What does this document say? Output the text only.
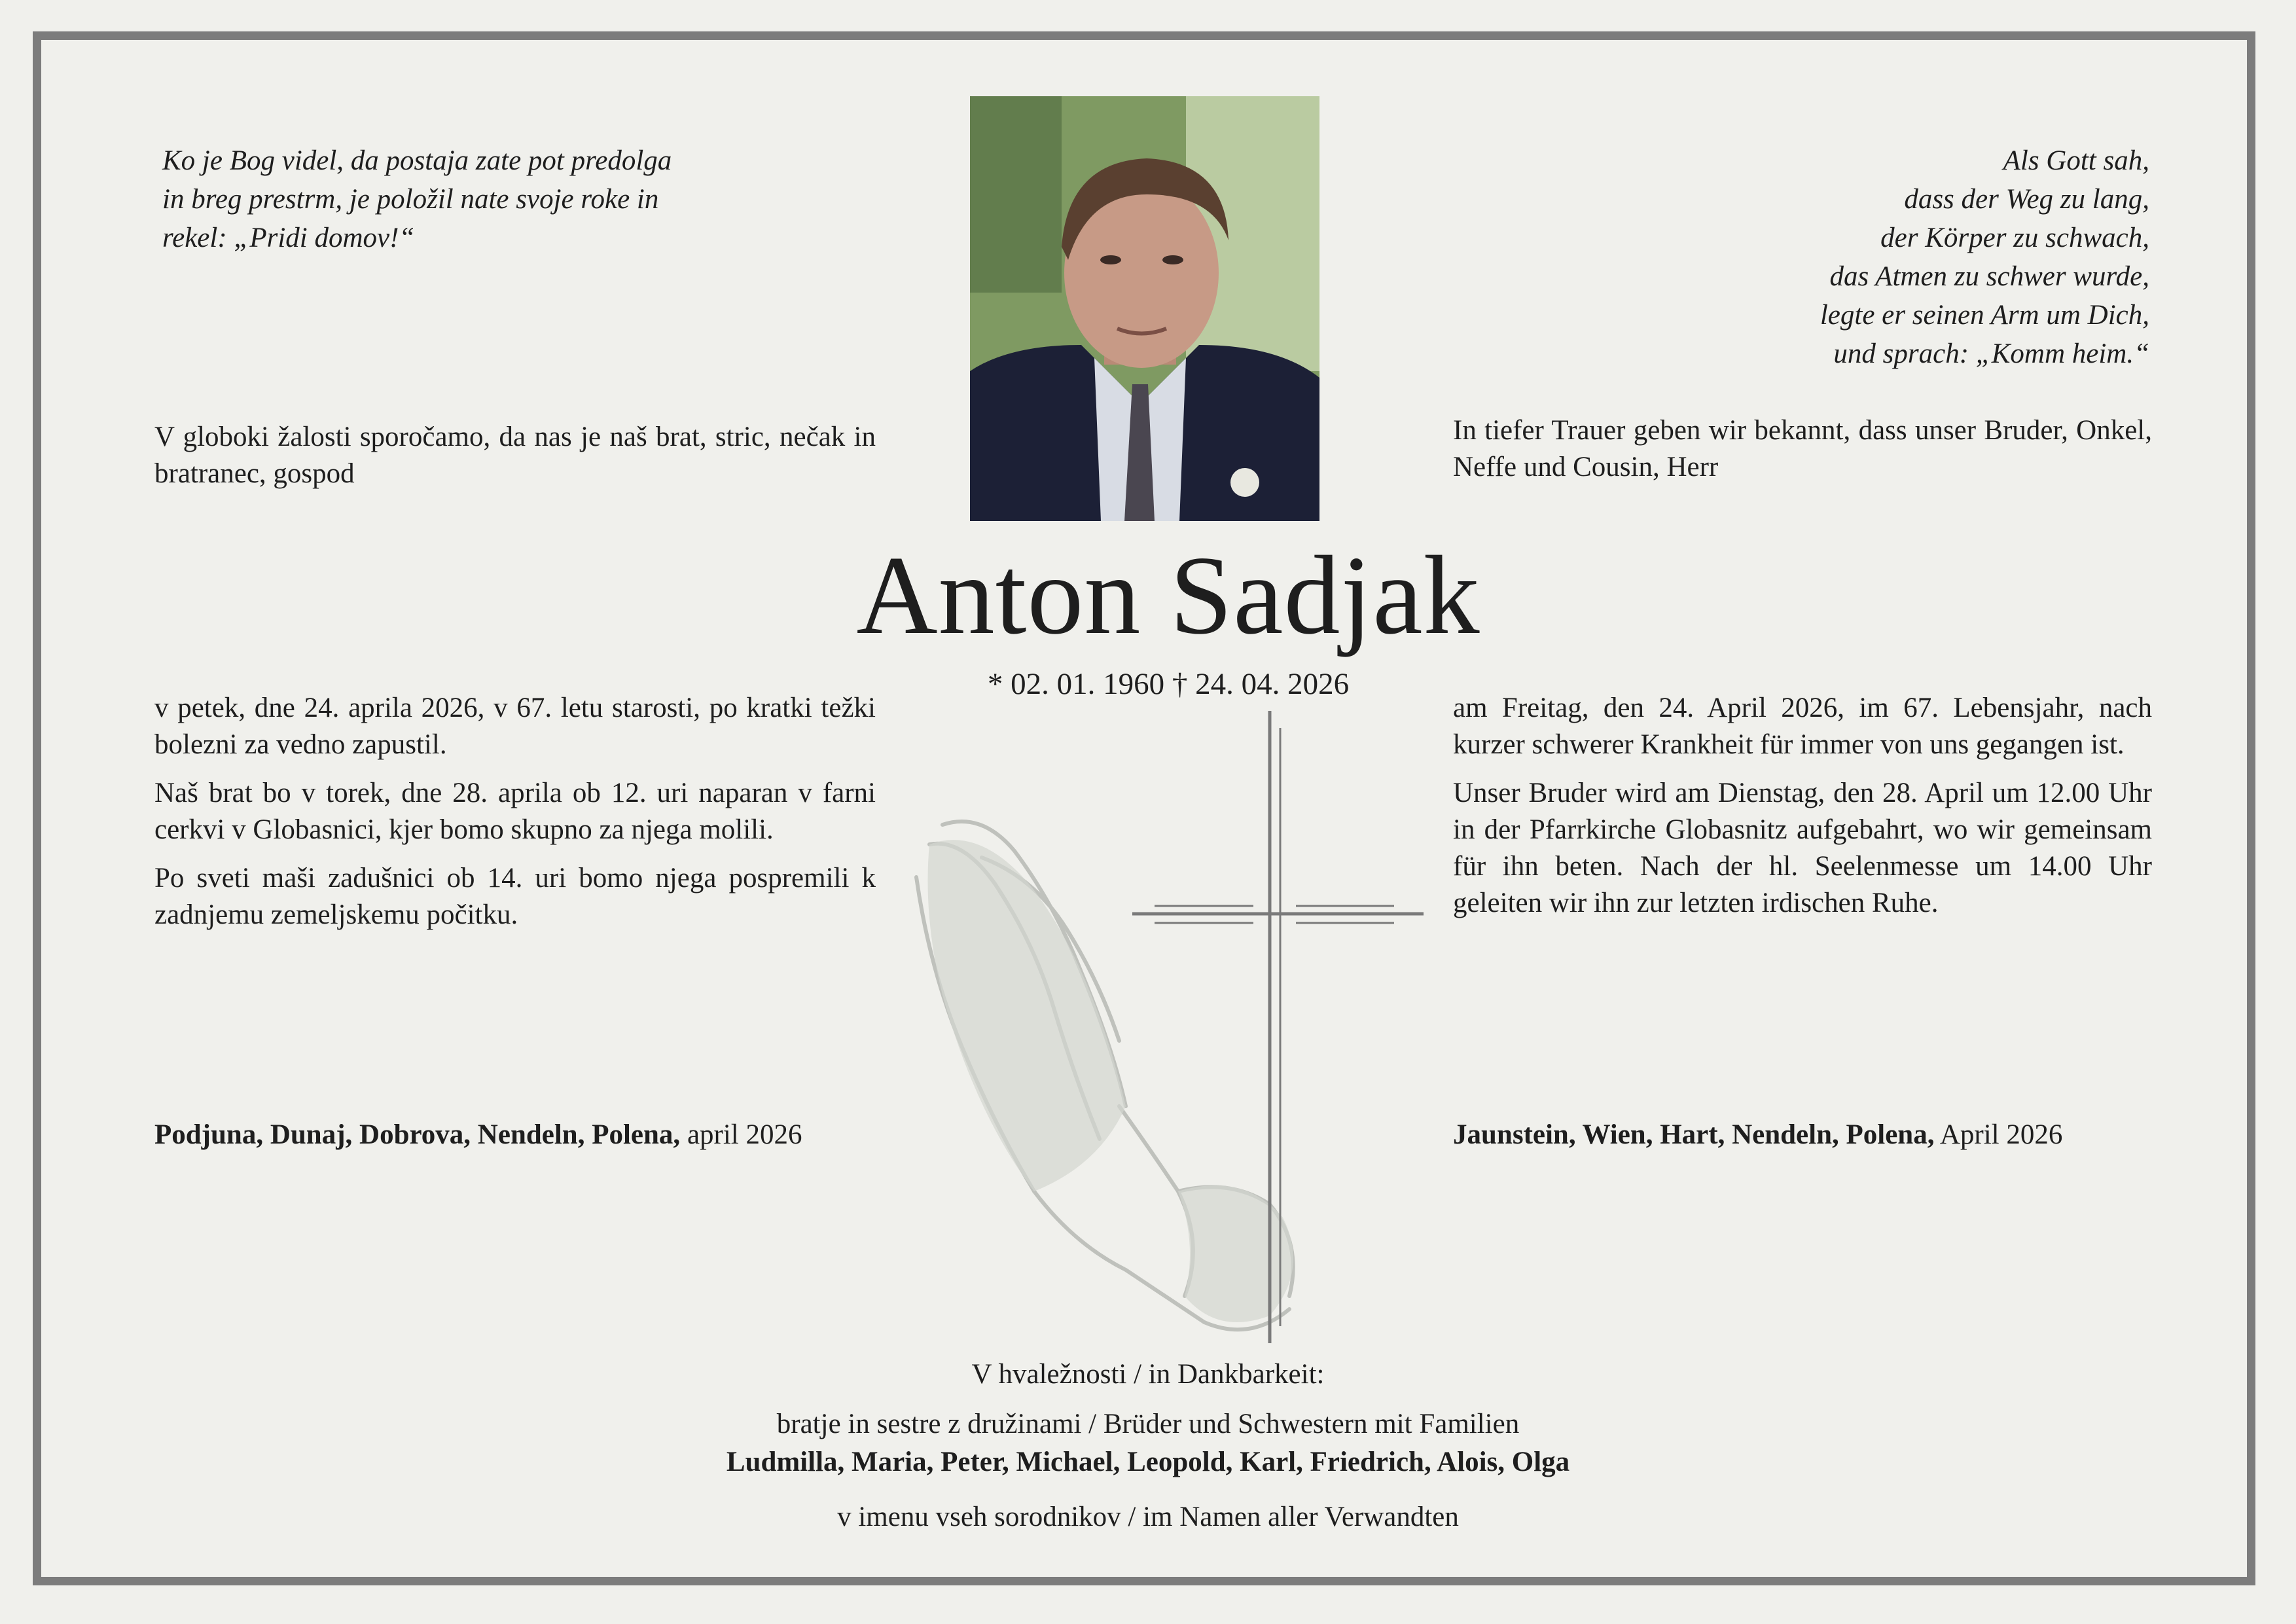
Ko je Bog videl, da postaja zate pot predolga
in breg prestrm, je položil nate svoje roke in
rekel: „Pridi domov!“
Als Gott sah,
dass der Weg zu lang,
der Körper zu schwach,
das Atmen zu schwer wurde,
legte er seinen Arm um Dich,
und sprach: „Komm heim.“

V globoki žalosti sporočamo, da nas je naš brat, stric, nečak in bratranec, gospod

In tiefer Trauer geben wir bekannt, dass unser Bruder, Onkel, Neffe und Cousin, Herr

Anton Sadjak
* 02. 01. 1960 † 24. 04. 2026

v petek, dne 24. aprila 2026, v 67. letu starosti, po kratki težki bolezni za vedno zapustil.

Naš brat bo v torek, dne 28. aprila ob 12. uri naparan v farni cerkvi v Globasnici, kjer bomo skupno za njega molili.

Po sveti maši zadušnici ob 14. uri bomo njega pospremili k zadnjemu zemeljskemu počitku.

am Freitag, den 24. April 2026, im 67. Lebensjahr, nach kurzer schwerer Krankheit für immer von uns gegangen ist.

Unser Bruder wird am Dienstag, den 28. April um 12.00 Uhr in der Pfarrkirche Globasnitz aufgebahrt, wo wir gemeinsam für ihn beten. Nach der hl. Seelenmesse um 14.00 Uhr geleiten wir ihn zur letzten irdischen Ruhe.

Podjuna, Dunaj, Dobrova, Nendeln, Polena, april 2026	Jaunstein, Wien, Hart, Nendeln, Polena, April 2026
V hvaležnosti / in Dankbarkeit:
bratje in sestre z družinami / Brüder und Schwestern mit Familien
Ludmilla, Maria, Peter, Michael, Leopold, Karl, Friedrich, Alois, Olga
v imenu vseh sorodnikov / im Namen aller Verwandten
